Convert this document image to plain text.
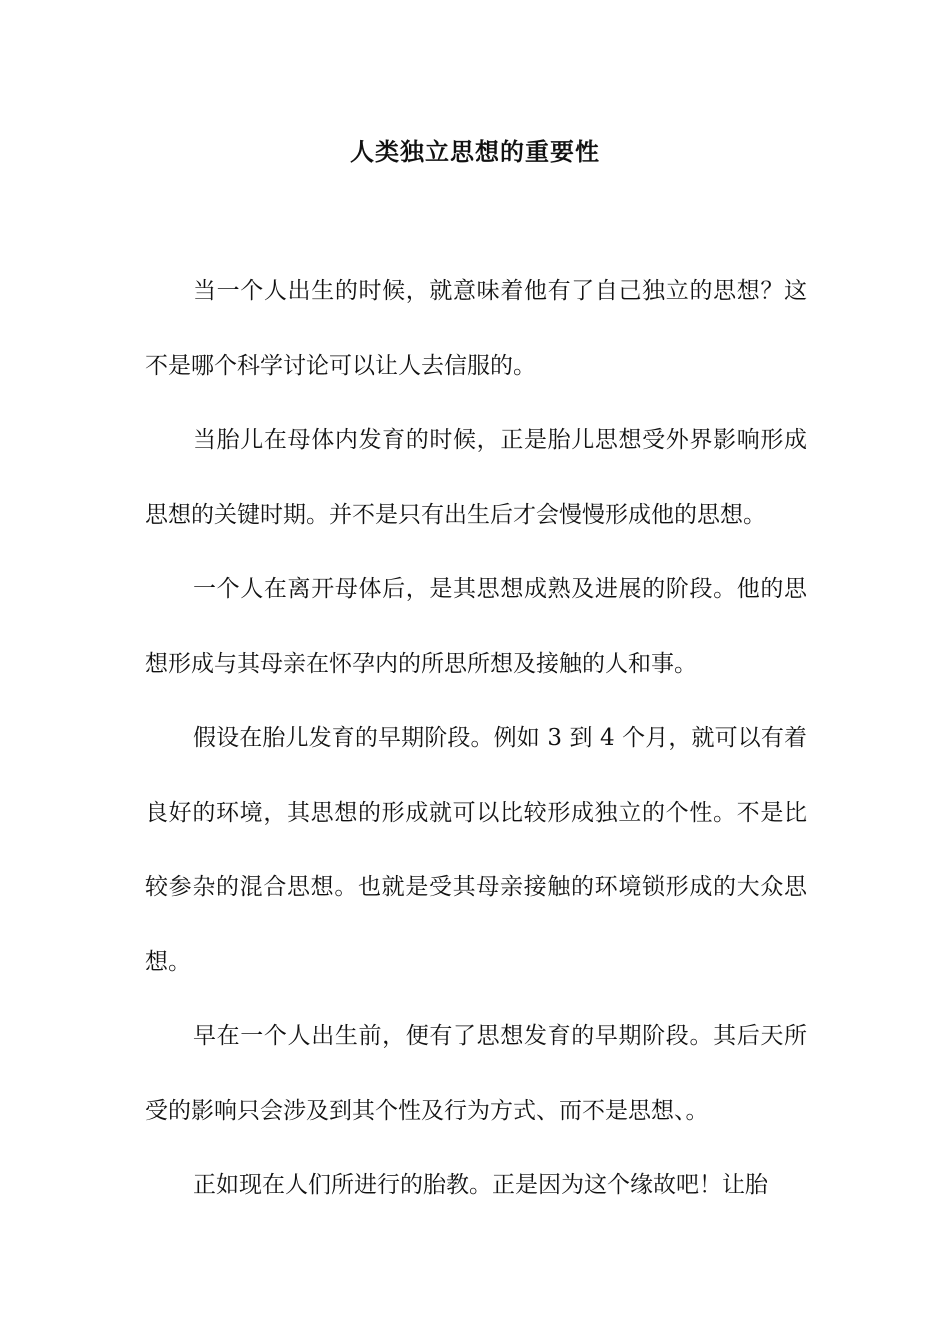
人类独立思想的重要性

当一个人出生的时候，就意味着他有了自己独立的思想？这不是哪个科学讨论可以让人去信服的。

当胎儿在母体内发育的时候，正是胎儿思想受外界影响形成思想的关键时期。并不是只有出生后才会慢慢形成他的思想。

一个人在离开母体后，是其思想成熟及进展的阶段。他的思想形成与其母亲在怀孕内的所思所想及接触的人和事。

假设在胎儿发育的早期阶段。例如 3 到 4 个月，就可以有着良好的环境，其思想的形成就可以比较形成独立的个性。不是比较参杂的混合思想。也就是受其母亲接触的环境锁形成的大众思想。

早在一个人出生前，便有了思想发育的早期阶段。其后天所受的影响只会涉及到其个性及行为方式、而不是思想、。

正如现在人们所进行的胎教。正是因为这个缘故吧！让胎
